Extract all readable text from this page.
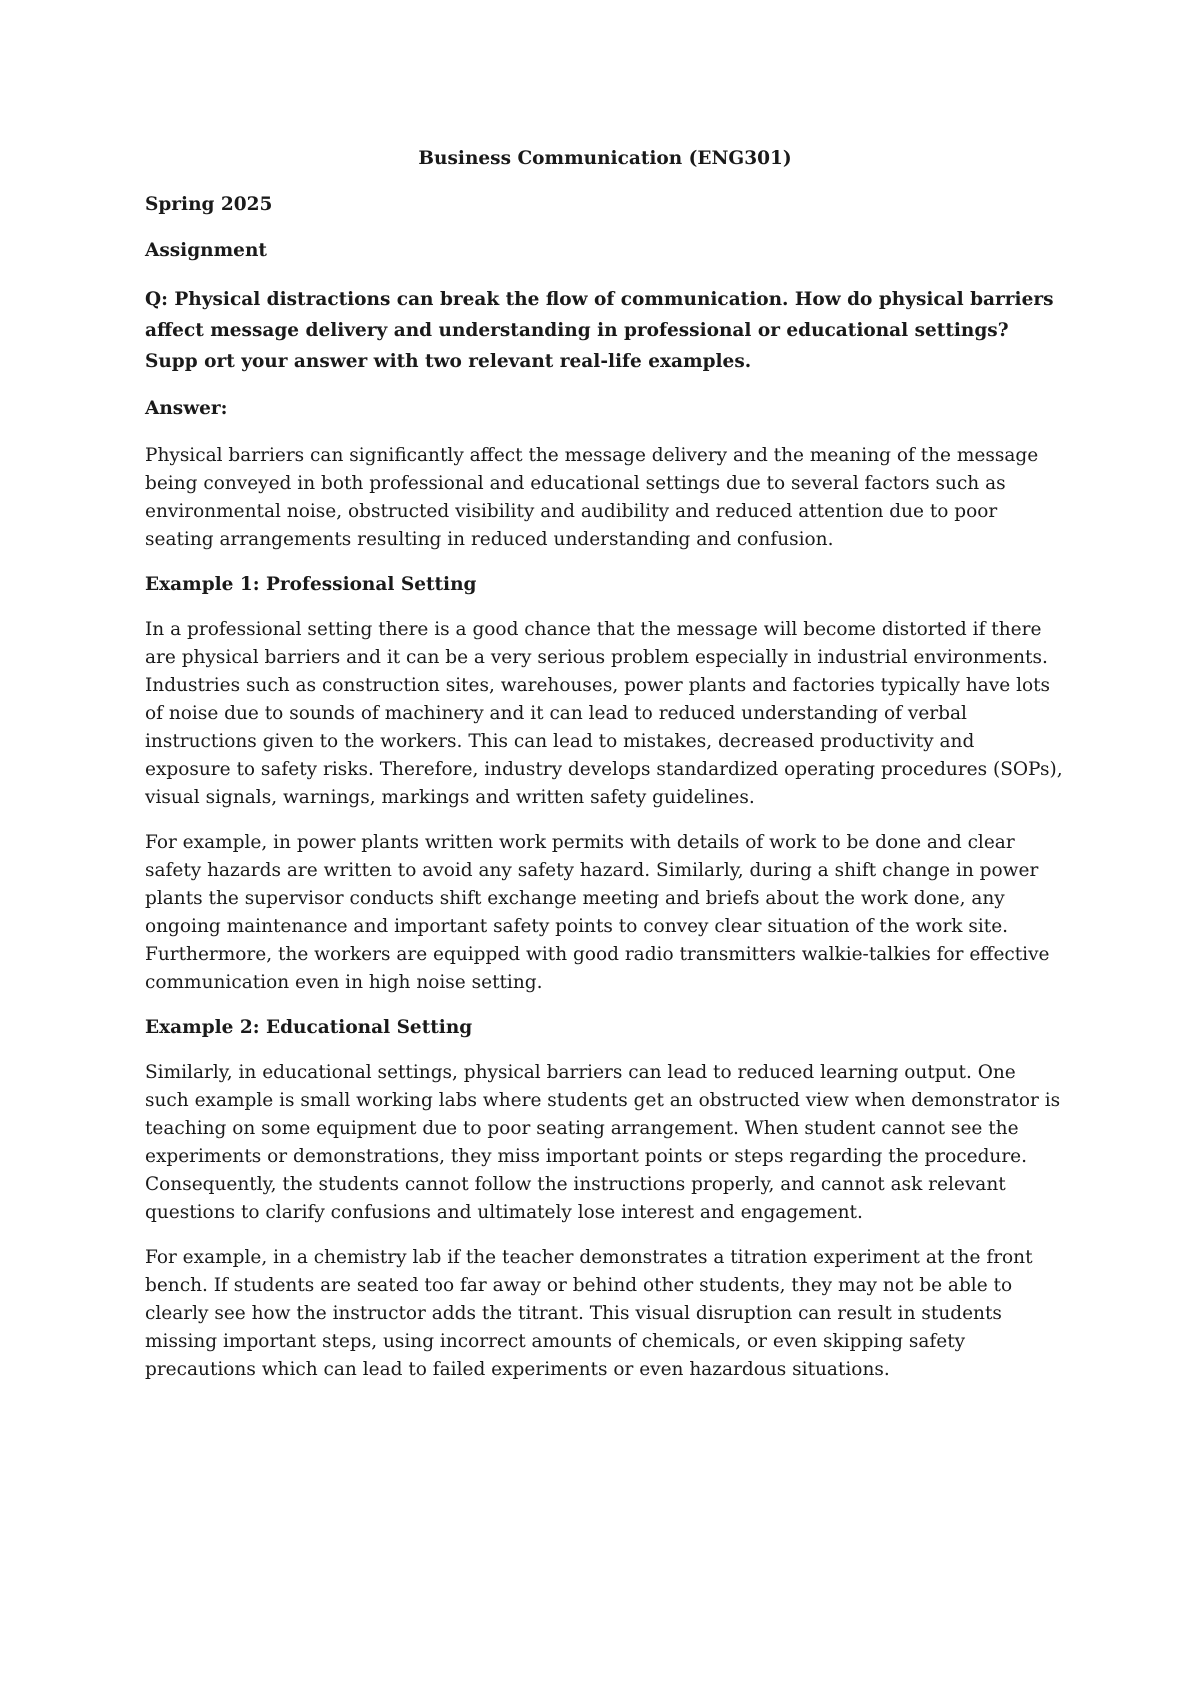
Business Communication (ENG301)
Spring 2025
Assignment
Q: Physical distractions can break the flow of communication. How do physical barriers affect message delivery and understanding in professional or educational settings? Supp ort your answer with two relevant real-life examples.
Answer:

Physical barriers can significantly affect the message delivery and the meaning of the message being conveyed in both professional and educational settings due to several factors such as environmental noise, obstructed visibility and audibility and reduced attention due to poor seating arrangements resulting in reduced understanding and confusion.

Example 1: Professional Setting

In a professional setting there is a good chance that the message will become distorted if there are physical barriers and it can be a very serious problem especially in industrial environments. Industries such as construction sites, warehouses, power plants and factories typically have lots of noise due to sounds of machinery and it can lead to reduced understanding of verbal instructions given to the workers. This can lead to mistakes, decreased productivity and exposure to safety risks. Therefore, industry develops standardized operating procedures (SOPs), visual signals, warnings, markings and written safety guidelines.

For example, in power plants written work permits with details of work to be done and clear safety hazards are written to avoid any safety hazard. Similarly, during a shift change in power plants the supervisor conducts shift exchange meeting and briefs about the work done, any ongoing maintenance and important safety points to convey clear situation of the work site. Furthermore, the workers are equipped with good radio transmitters walkie-talkies for effective communication even in high noise setting.

Example 2: Educational Setting

Similarly, in educational settings, physical barriers can lead to reduced learning output. One such example is small working labs where students get an obstructed view when demonstrator is teaching on some equipment due to poor seating arrangement. When student cannot see the experiments or demonstrations, they miss important points or steps regarding the procedure. Consequently, the students cannot follow the instructions properly, and cannot ask relevant questions to clarify confusions and ultimately lose interest and engagement.

For example, in a chemistry lab if the teacher demonstrates a titration experiment at the front bench. If students are seated too far away or behind other students, they may not be able to clearly see how the instructor adds the titrant. This visual disruption can result in students missing important steps, using incorrect amounts of chemicals, or even skipping safety precautions which can lead to failed experiments or even hazardous situations.
